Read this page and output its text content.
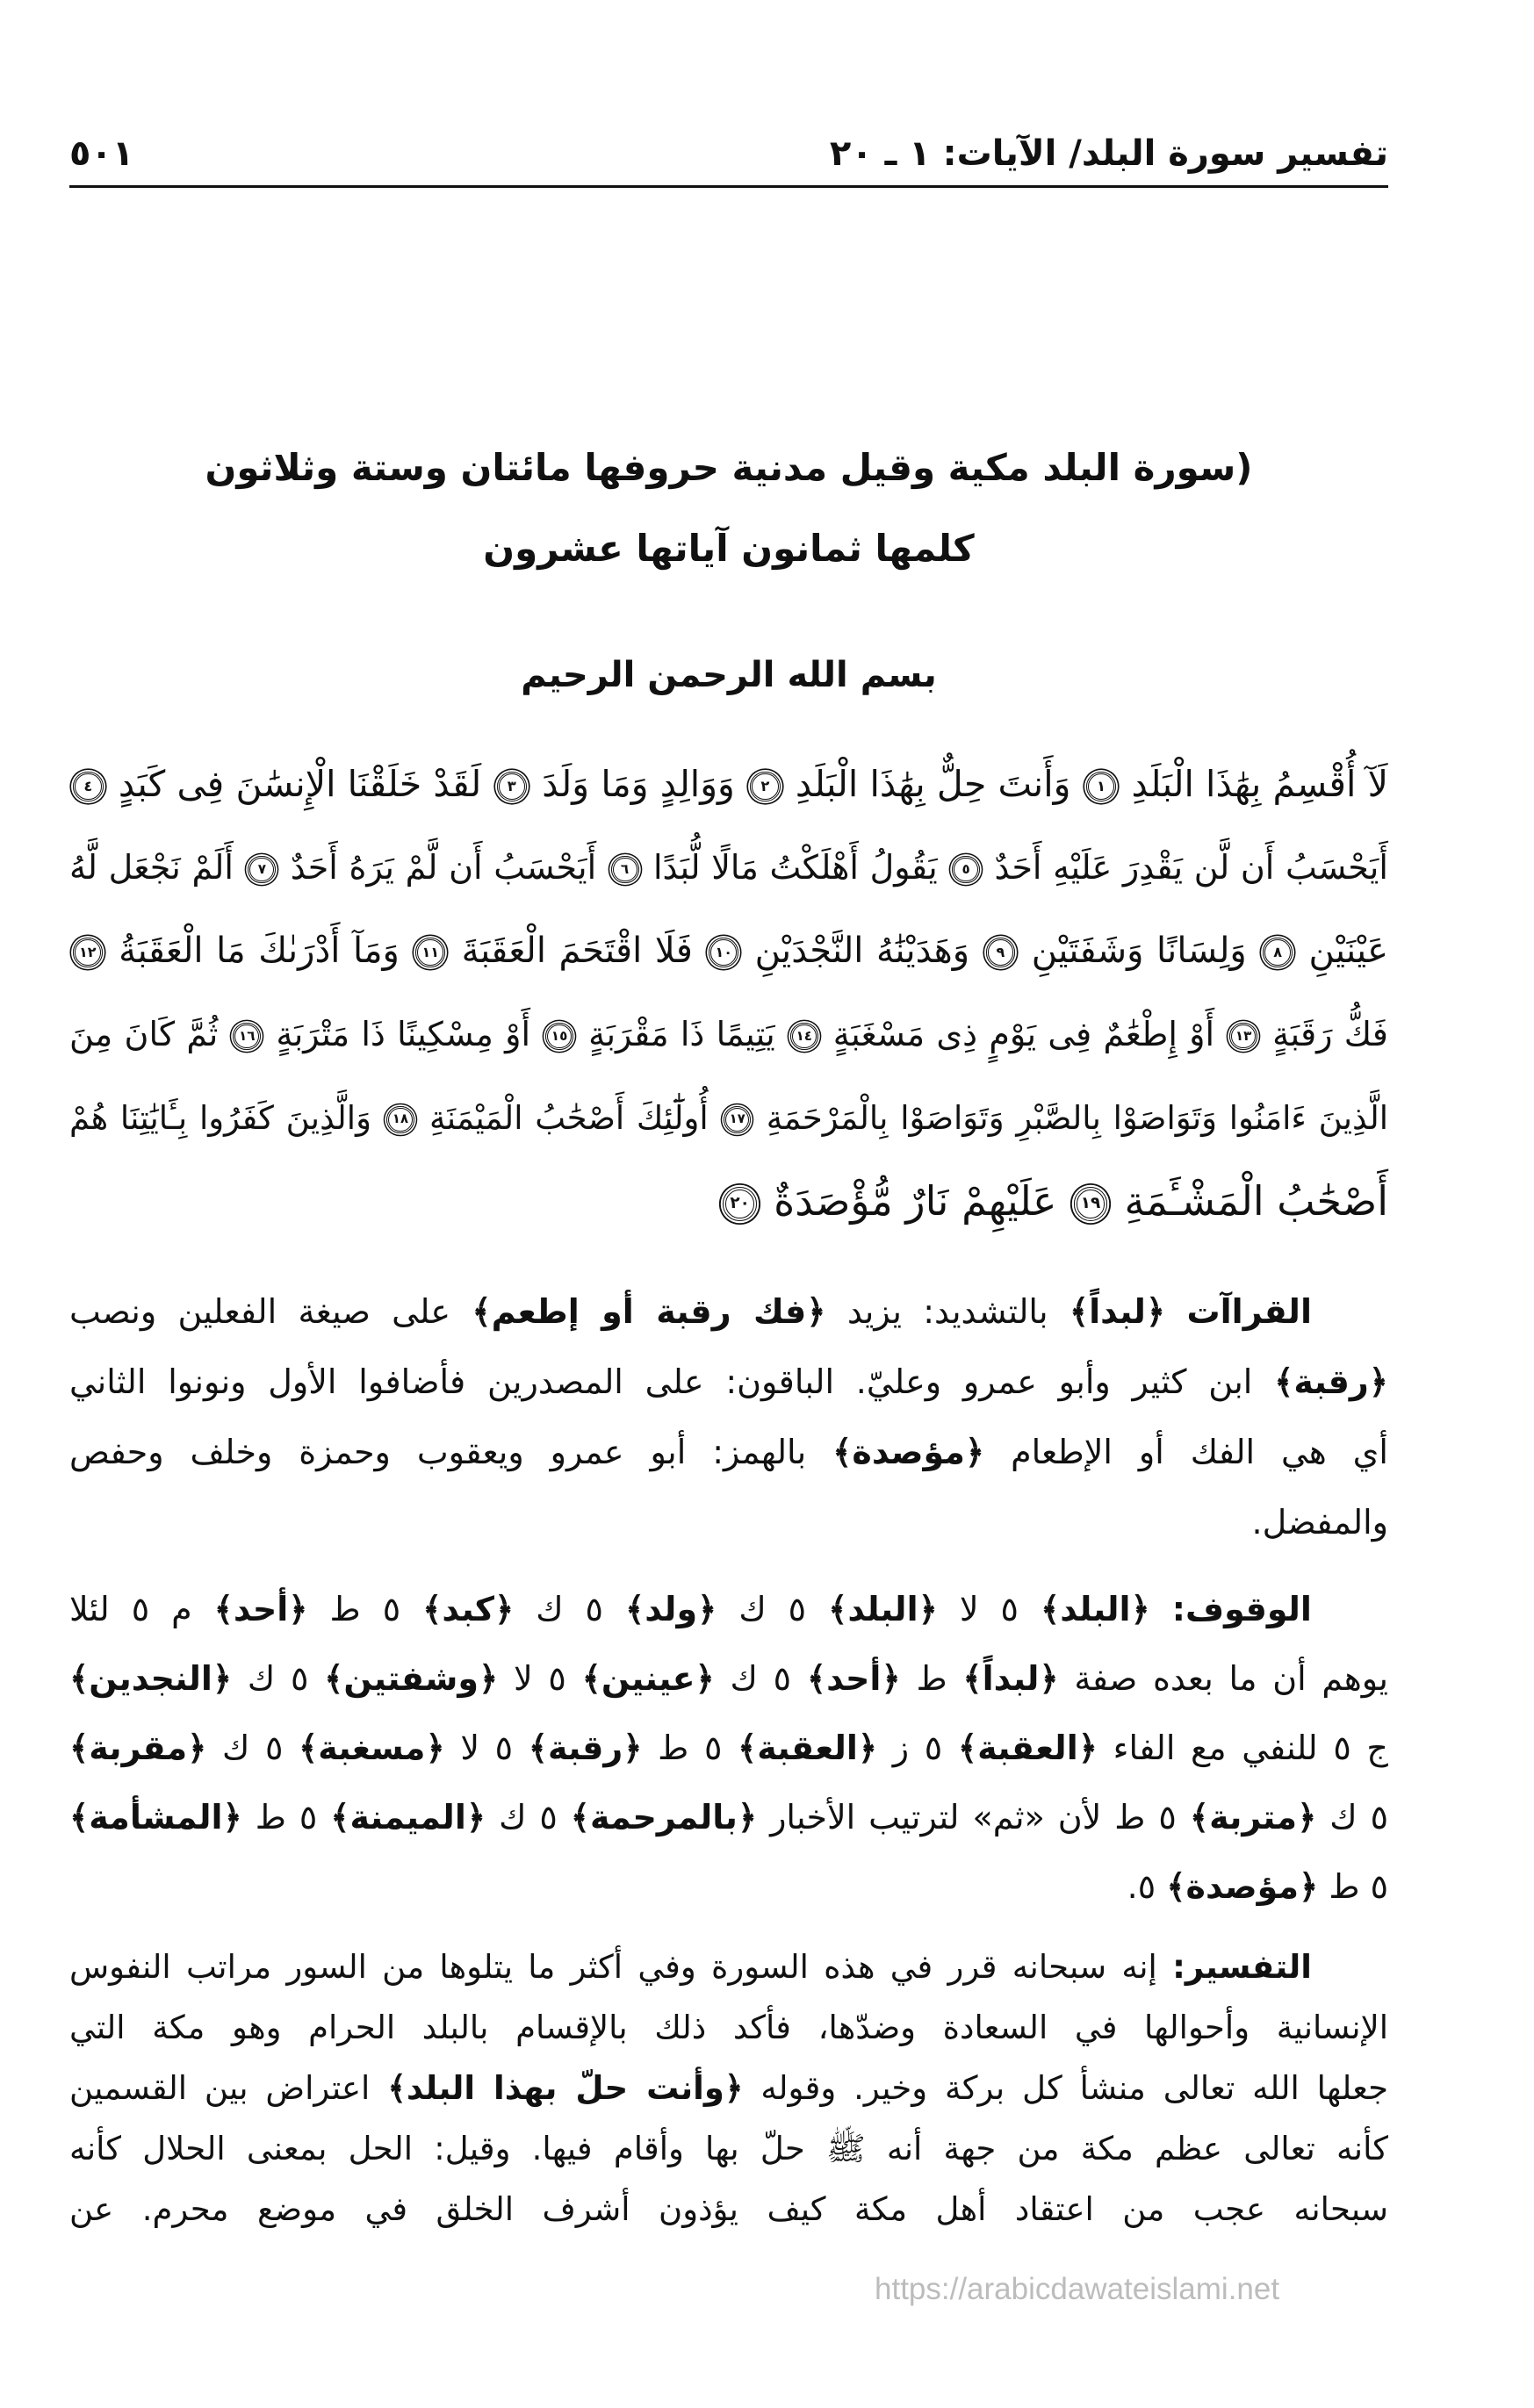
تفسير سورة البلد/ الآيات: ١ ـ ٢٠
٥٠١
(سورة البلد مكية وقيل مدنية حروفها مائتان وستة وثلاثون
كلمها ثمانون آياتها عشرون
بسم الله الرحمن الرحيم
لَآ أُقْسِمُ بِهَٰذَا الْبَلَدِ ١ وَأَنتَ حِلٌّ بِهَٰذَا الْبَلَدِ ٢ وَوَالِدٍ وَمَا وَلَدَ ٣ لَقَدْ خَلَقْنَا الْإِنسَٰنَ فِى كَبَدٍ ٤
أَيَحْسَبُ أَن لَّن يَقْدِرَ عَلَيْهِ أَحَدٌ ٥ يَقُولُ أَهْلَكْتُ مَالًا لُّبَدًا ٦ أَيَحْسَبُ أَن لَّمْ يَرَهُ أَحَدٌ ٧ أَلَمْ نَجْعَل لَّهُ
عَيْنَيْنِ ٨ وَلِسَانًا وَشَفَتَيْنِ ٩ وَهَدَيْنَٰهُ النَّجْدَيْنِ ١٠ فَلَا اقْتَحَمَ الْعَقَبَةَ ١١ وَمَآ أَدْرَىٰكَ مَا الْعَقَبَةُ ١٢
فَكُّ رَقَبَةٍ ١٣ أَوْ إِطْعَٰمٌ فِى يَوْمٍ ذِى مَسْغَبَةٍ ١٤ يَتِيمًا ذَا مَقْرَبَةٍ ١٥ أَوْ مِسْكِينًا ذَا مَتْرَبَةٍ ١٦ ثُمَّ كَانَ مِنَ
الَّذِينَ ءَامَنُوا وَتَوَاصَوْا بِالصَّبْرِ وَتَوَاصَوْا بِالْمَرْحَمَةِ ١٧ أُولَٰٓئِكَ أَصْحَٰبُ الْمَيْمَنَةِ ١٨ وَالَّذِينَ كَفَرُوا بِـَٔايَٰتِنَا هُمْ
أَصْحَٰبُ الْمَشْـَٔمَةِ ١٩ عَلَيْهِمْ نَارٌ مُّؤْصَدَةٌ ٢٠
القراآت ﴿لبداً﴾ بالتشديد: يزيد ﴿فك رقبة أو إطعم﴾ على صيغة الفعلين ونصب
﴿رقبة﴾ ابن كثير وأبو عمرو وعليّ. الباقون: على المصدرين فأضافوا الأول ونونوا الثاني
أي هي الفك أو الإطعام ﴿مؤصدة﴾ بالهمز: أبو عمرو ويعقوب وحمزة وخلف وحفص
والمفضل.
الوقوف: ﴿البلد﴾ ٥ لا ﴿البلد﴾ ٥ ك ﴿ولد﴾ ٥ ك ﴿كبد﴾ ٥ ط ﴿أحد﴾ م ٥ لئلا
يوهم أن ما بعده صفة ﴿لبداً﴾ ط ﴿أحد﴾ ٥ ك ﴿عينين﴾ ٥ لا ﴿وشفتين﴾ ٥ ك ﴿النجدين﴾
ج ٥ للنفي مع الفاء ﴿العقبة﴾ ٥ ز ﴿العقبة﴾ ٥ ط ﴿رقبة﴾ ٥ لا ﴿مسغبة﴾ ٥ ك ﴿مقربة﴾
٥ ك ﴿متربة﴾ ٥ ط لأن «ثم» لترتيب الأخبار ﴿بالمرحمة﴾ ٥ ك ﴿الميمنة﴾ ٥ ط ﴿المشأمة﴾
٥ ط ﴿مؤصدة﴾ ٥.
التفسير: إنه سبحانه قرر في هذه السورة وفي أكثر ما يتلوها من السور مراتب النفوس
الإنسانية وأحوالها في السعادة وضدّها، فأكد ذلك بالإقسام بالبلد الحرام وهو مكة التي
جعلها الله تعالى منشأ كل بركة وخير. وقوله ﴿وأنت حلّ بهذا البلد﴾ اعتراض بين القسمين
كأنه تعالى عظم مكة من جهة أنه ﷺ حلّ بها وأقام فيها. وقيل: الحل بمعنى الحلال كأنه
سبحانه عجب من اعتقاد أهل مكة كيف يؤذون أشرف الخلق في موضع محرم. عن
https://arabicdawateislami.net
